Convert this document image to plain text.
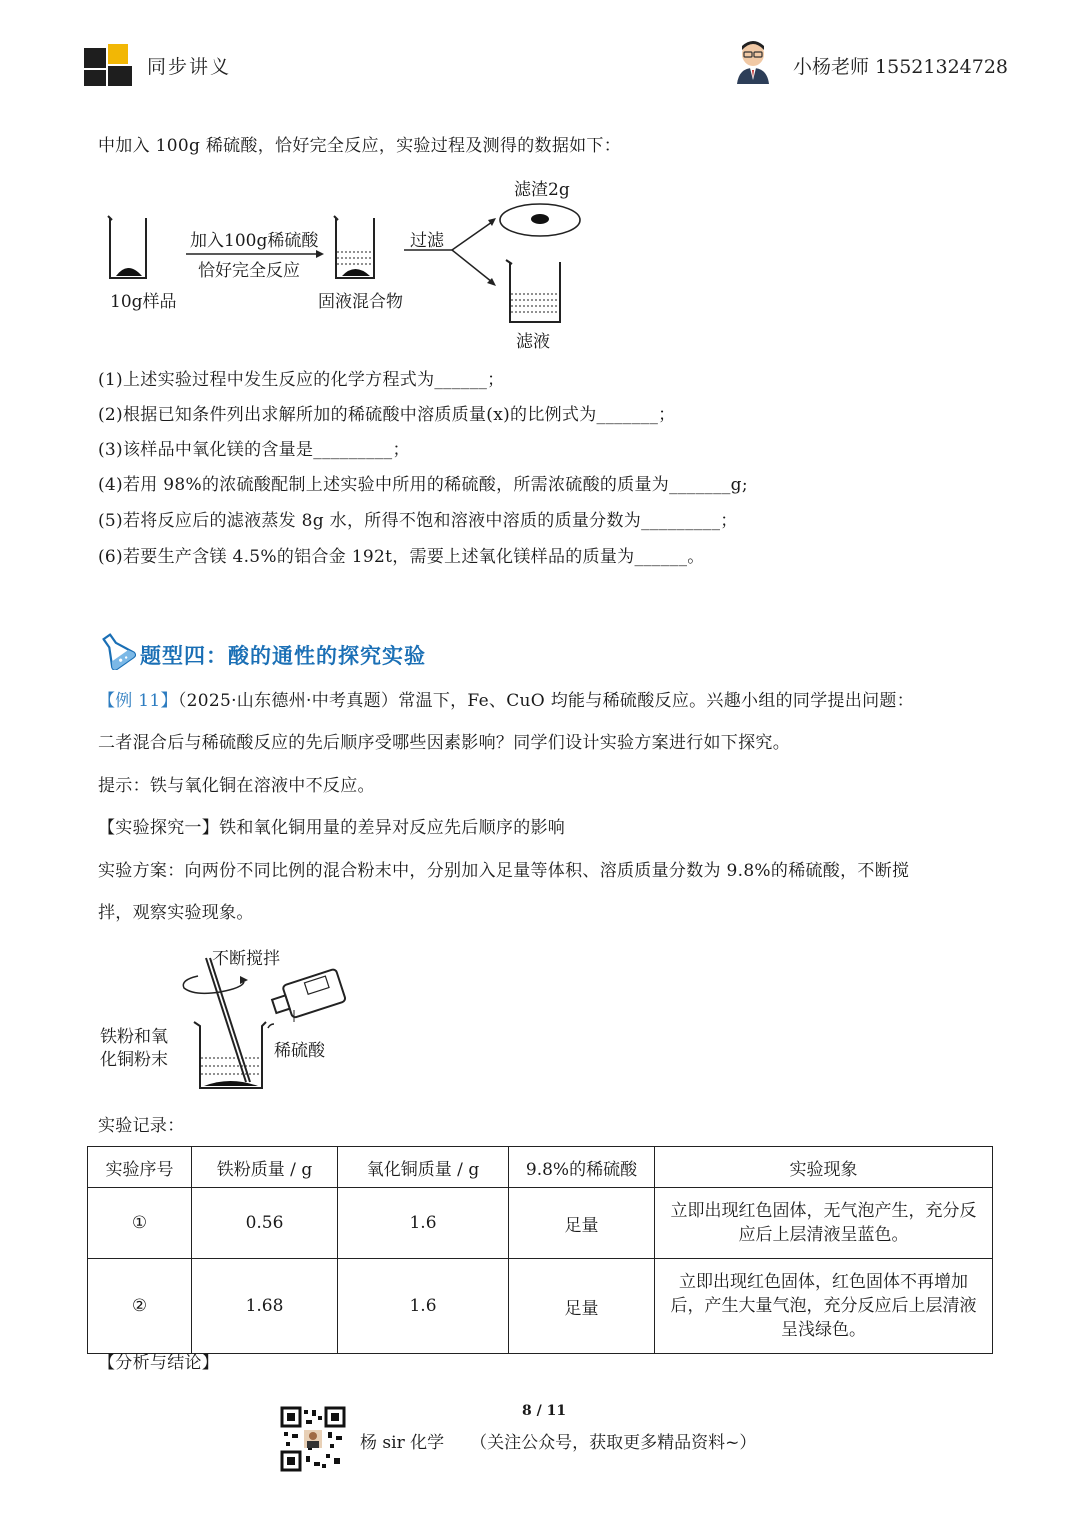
同步讲义	小杨老师 15521324728
中加入 100g 稀硫酸，恰好完全反应，实验过程及测得的数据如下：
10g样品
加入100g稀硫酸
恰好完全反应
固液混合物
过滤
滤渣2g
滤液
(1)上述实验过程中发生反应的化学方程式为______；
(2)根据已知条件列出求解所加的稀硫酸中溶质质量(x)的比例式为_______；
(3)该样品中氧化镁的含量是_________；
(4)若用 98%的浓硫酸配制上述实验中所用的稀硫酸，所需浓硫酸的质量为_______g;
(5)若将反应后的滤液蒸发 8g 水，所得不饱和溶液中溶质的质量分数为_________；
(6)若要生产含镁 4.5%的铝合金 192t，需要上述氧化镁样品的质量为______。
题型四：酸的通性的探究实验
【例 11】（2025·山东德州·中考真题）常温下，Fe、CuO 均能与稀硫酸反应。兴趣小组的同学提出问题：
二者混合后与稀硫酸反应的先后顺序受哪些因素影响？同学们设计实验方案进行如下探究。
提示：铁与氧化铜在溶液中不反应。
【实验探究一】铁和氧化铜用量的差异对反应先后顺序的影响
实验方案：向两份不同比例的混合粉末中，分别加入足量等体积、溶质质量分数为 9.8%的稀硫酸，不断搅
拌，观察实验现象。
不断搅拌
铁粉和氧
化铜粉末	稀硫酸
实验记录：
实验序号	铁粉质量 / g	氧化铜质量 / g	9.8%的稀硫酸	实验现象
①	0.56	1.6	足量	立即出现红色固体，无气泡产生，充分反应后上层清液呈蓝色。
②	1.68	1.6	足量	立即出现红色固体，红色固体不再增加后，产生大量气泡，充分反应后上层清液呈浅绿色。
【分析与结论】
8 / 11
杨 sir 化学 （关注公众号，获取更多精品资料~）
